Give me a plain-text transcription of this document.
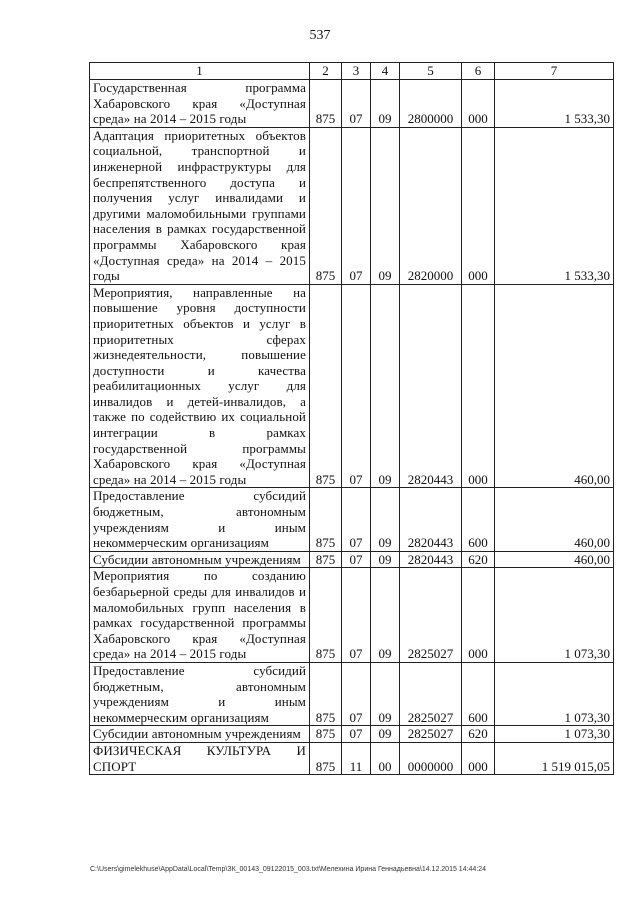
537
1	2	3	4	5	6	7
Государственная программа Хабаровского края «Доступная среда» на 2014 – 2015 годы	875	07	09	2800000	000	1 533,30
Адаптация приоритетных объектов социальной, транспортной и инженерной инфраструктуры для беспрепятственного доступа и получения услуг инвалидами и другими маломобильными группами населения в рамках государственной программы Хабаровского края «Доступная среда» на 2014 – 2015 годы	875	07	09	2820000	000	1 533,30
Мероприятия, направленные на повышение уровня доступности приоритетных объектов и услуг в приоритетных сферах жизнедеятельности, повышение доступности и качества реабилитационных услуг для инвалидов и детей-инвалидов, а также по содействию их социальной интеграции в рамках государственной программы Хабаровского края «Доступная среда» на 2014 – 2015 годы	875	07	09	2820443	000	460,00
Предоставление субсидий бюджетным, автономным учреждениям и иным некоммерческим организациям	875	07	09	2820443	600	460,00
Субсидии автономным учреждениям	875	07	09	2820443	620	460,00
Мероприятия по созданию безбарьерной среды для инвалидов и маломобильных групп населения в рамках государственной программы Хабаровского края «Доступная среда» на 2014 – 2015 годы	875	07	09	2825027	000	1 073,30
Предоставление субсидий бюджетным, автономным учреждениям и иным некоммерческим организациям	875	07	09	2825027	600	1 073,30
Субсидии автономным учреждениям	875	07	09	2825027	620	1 073,30
ФИЗИЧЕСКАЯ КУЛЬТУРА И СПОРТ	875	11	00	0000000	000	1 519 015,05
C:\Users\gimelekhuse\AppData\Local\Temp\ЗК_00143_09122015_003.txt\Мелехина Ирина Геннадьевна\14.12.2015 14:44:24
